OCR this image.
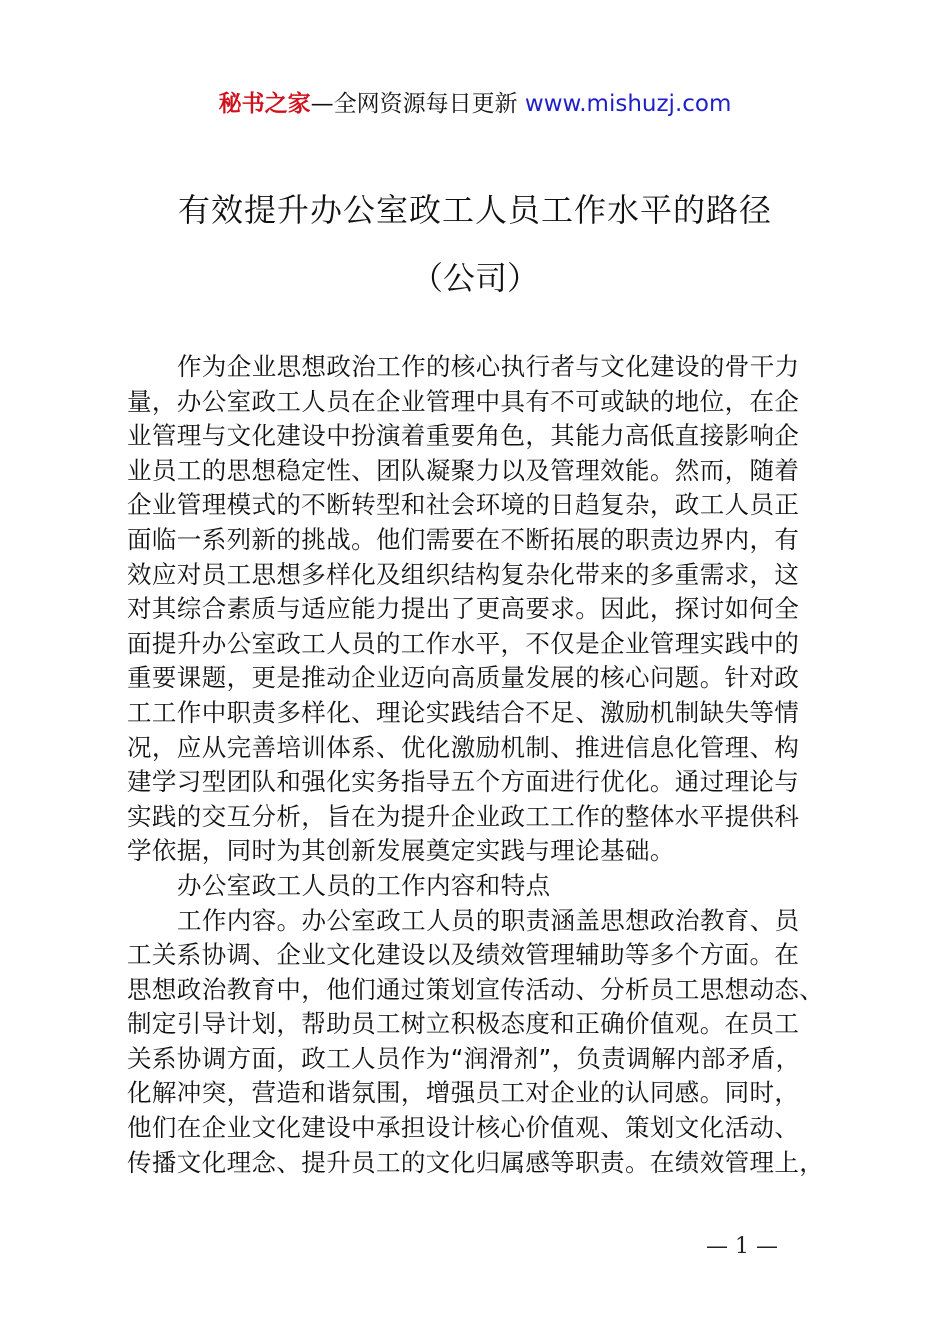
秘书之家—全网资源每日更新 www.mishuzj.com
有效提升办公室政工人员工作水平的路径
（公司）
作为企业思想政治工作的核心执行者与文化建设的骨干力
量，办公室政工人员在企业管理中具有不可或缺的地位，在企
业管理与文化建设中扮演着重要角色，其能力高低直接影响企
业员工的思想稳定性、团队凝聚力以及管理效能。然而，随着
企业管理模式的不断转型和社会环境的日趋复杂，政工人员正
面临一系列新的挑战。他们需要在不断拓展的职责边界内，有
效应对员工思想多样化及组织结构复杂化带来的多重需求，这
对其综合素质与适应能力提出了更高要求。因此，探讨如何全
面提升办公室政工人员的工作水平，不仅是企业管理实践中的
重要课题，更是推动企业迈向高质量发展的核心问题。针对政
工工作中职责多样化、理论实践结合不足、激励机制缺失等情
况，应从完善培训体系、优化激励机制、推进信息化管理、构
建学习型团队和强化实务指导五个方面进行优化。通过理论与
实践的交互分析，旨在为提升企业政工工作的整体水平提供科
学依据，同时为其创新发展奠定实践与理论基础。
办公室政工人员的工作内容和特点
工作内容。办公室政工人员的职责涵盖思想政治教育、员
工关系协调、企业文化建设以及绩效管理辅助等多个方面。在
思想政治教育中，他们通过策划宣传活动、分析员工思想动态、
制定引导计划，帮助员工树立积极态度和正确价值观。在员工
关系协调方面，政工人员作为“润滑剂”，负责调解内部矛盾，
化解冲突，营造和谐氛围，增强员工对企业的认同感。同时，
他们在企业文化建设中承担设计核心价值观、策划文化活动、
传播文化理念、提升员工的文化归属感等职责。在绩效管理上，
— 1 —
